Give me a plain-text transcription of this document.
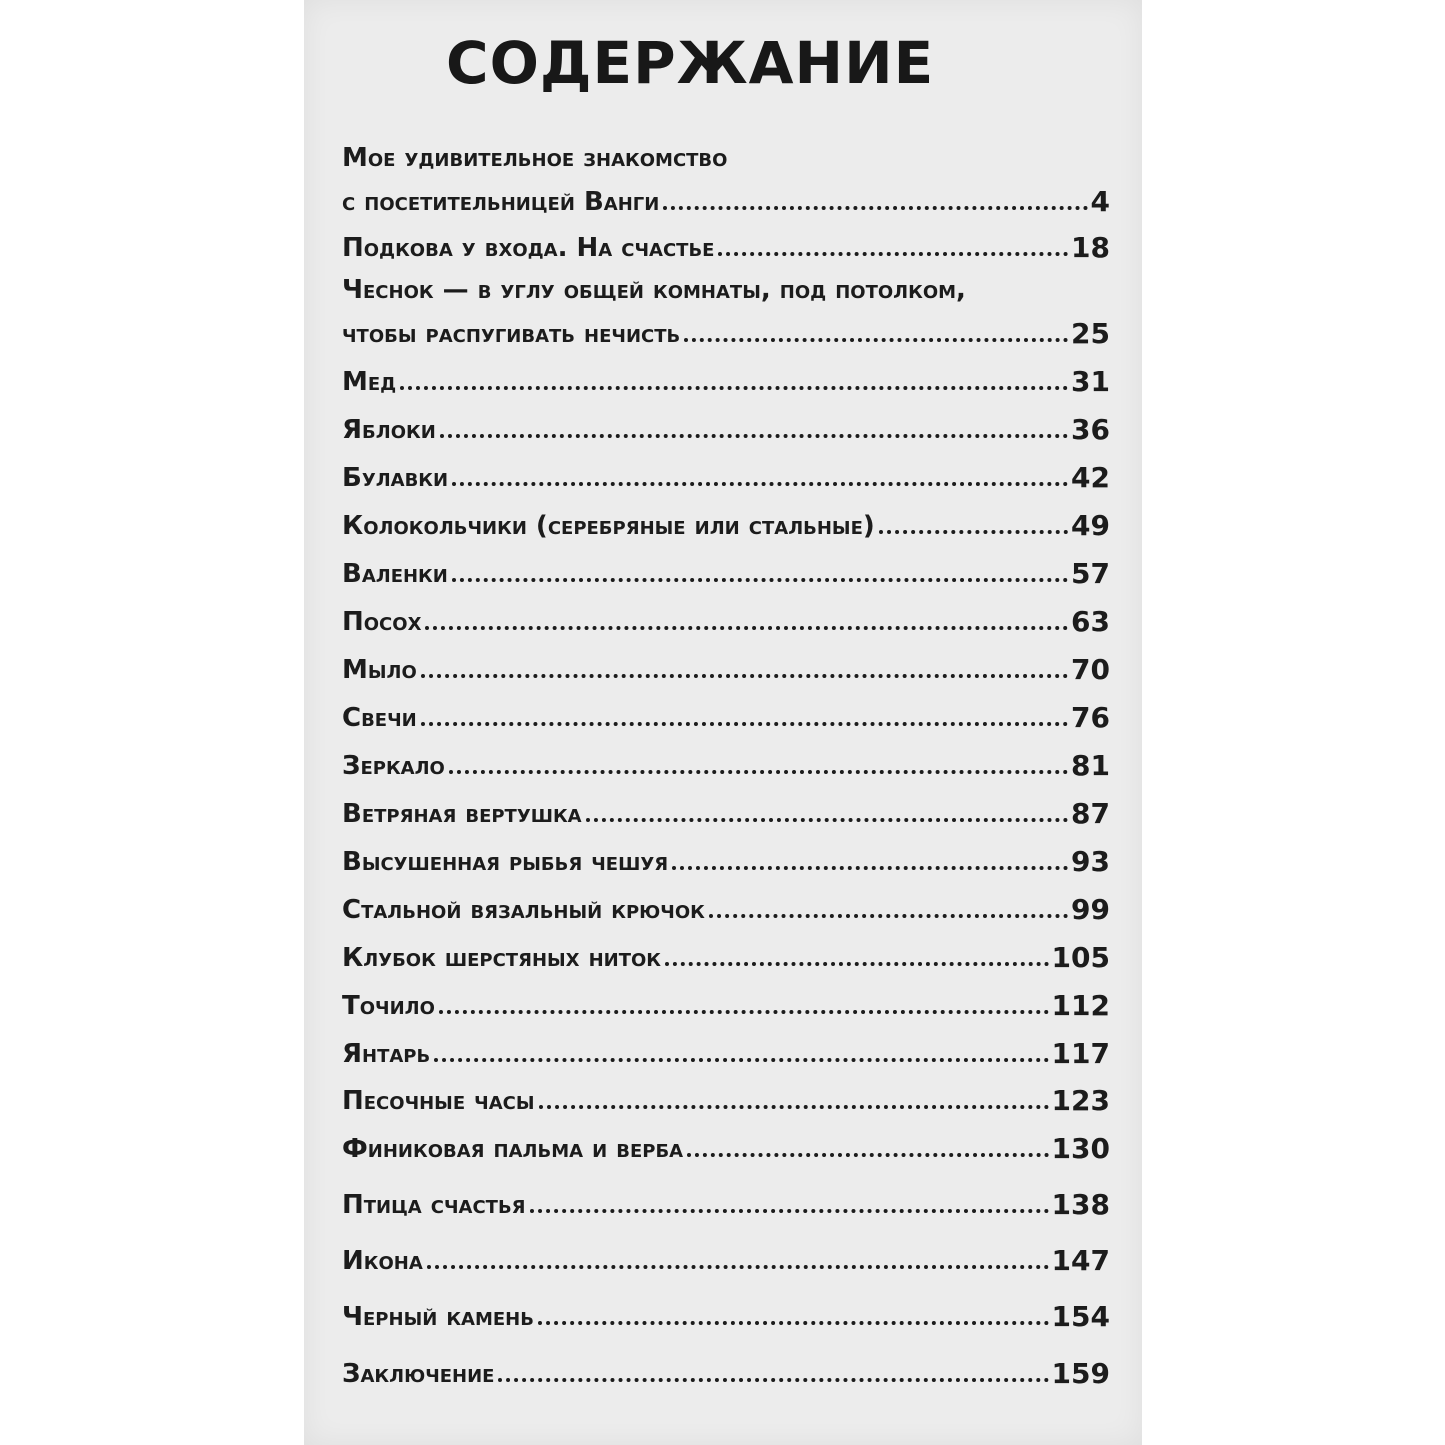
СОДЕРЖАНИЕ
Мое удивительное знакомство
с посетительницей Ванги	4
Подкова у входа. На счастье	18
Чеснок — в углу общей комнаты, под потолком,
чтобы распугивать нечисть	25
Мед	31
Яблоки	36
Булавки	42
Колокольчики (серебряные или стальные)	49
Валенки	57
Посох	63
Мыло	70
Свечи	76
Зеркало	81
Ветряная вертушка	87
Высушенная рыбья чешуя	93
Стальной вязальный крючок	99
Клубок шерстяных ниток	105
Точило	112
Янтарь	117
Песочные часы	123
Финиковая пальма и верба	130
Птица счастья	138
Икона	147
Черный камень	154
Заключение	159
